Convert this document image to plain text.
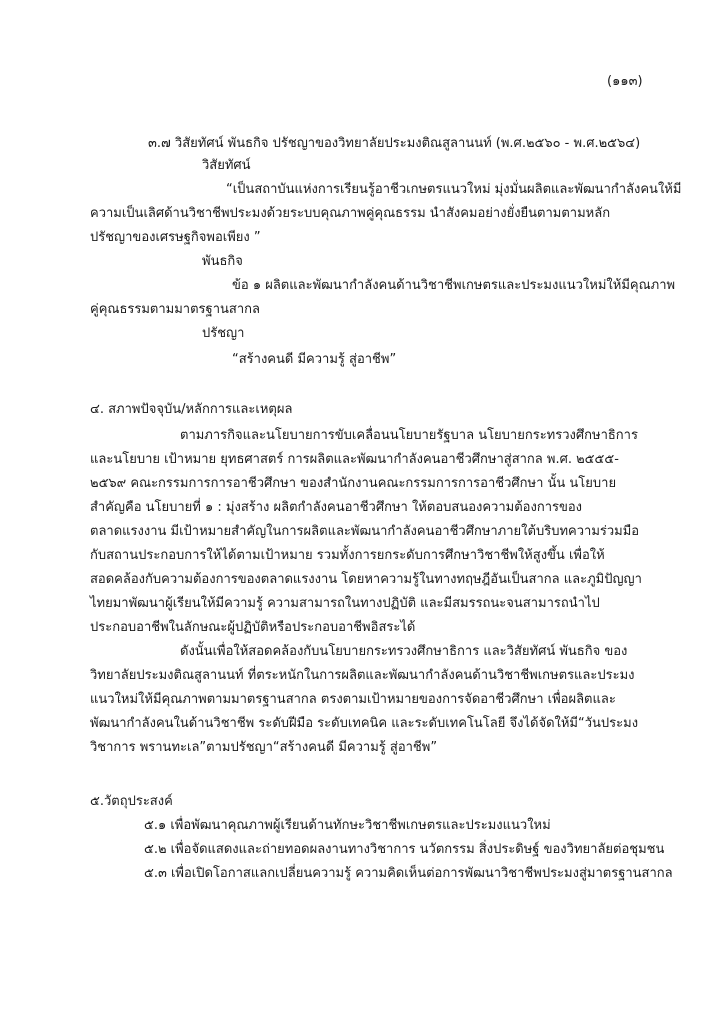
(๑๑๓)
๓.๗ วิสัยทัศน์ พันธกิจ ปรัชญาของวิทยาลัยประมงติณสูลานนท์ (พ.ศ.๒๕๖๐ - พ.ศ.๒๕๖๔)
วิสัยทัศน์
“เป็นสถาบันแห่งการเรียนรู้อาชีวเกษตรแนวใหม่ มุ่งมั่นผลิตและพัฒนากำลังคนให้มี
ความเป็นเลิศด้านวิชาชีพประมงด้วยระบบคุณภาพคู่คุณธรรม นำสังคมอย่างยั่งยืนตามตามหลัก
ปรัชญาของเศรษฐกิจพอเพียง ”
พันธกิจ
ข้อ ๑ ผลิตและพัฒนากำลังคนด้านวิชาชีพเกษตรและประมงแนวใหม่ให้มีคุณภาพ
คู่คุณธรรมตามมาตรฐานสากล
ปรัชญา
“สร้างคนดี มีความรู้ สู่อาชีพ”
๔. สภาพปัจจุบัน/หลักการและเหตุผล
ตามภารกิจและนโยบายการขับเคลื่อนนโยบายรัฐบาล นโยบายกระทรวงศึกษาธิการ
และนโยบาย เป้าหมาย ยุทธศาสตร์ การผลิตและพัฒนากำลังคนอาชีวศึกษาสู่สากล พ.ศ. ๒๕๕๕-
๒๕๖๙ คณะกรรมการการอาชีวศึกษา ของสำนักงานคณะกรรมการการอาชีวศึกษา นั้น นโยบาย
สำคัญคือ นโยบายที่ ๑ : มุ่งสร้าง ผลิตกำลังคนอาชีวศึกษา ให้ตอบสนองความต้องการของ
ตลาดแรงงาน มีเป้าหมายสำคัญในการผลิตและพัฒนากำลังคนอาชีวศึกษาภายใต้บริบทความร่วมมือ
กับสถานประกอบการให้ได้ตามเป้าหมาย รวมทั้งการยกระดับการศึกษาวิชาชีพให้สูงขึ้น เพื่อให้
สอดคล้องกับความต้องการของตลาดแรงงาน โดยหาความรู้ในทางทฤษฎีอันเป็นสากล และภูมิปัญญา
ไทยมาพัฒนาผู้เรียนให้มีความรู้ ความสามารถในทางปฏิบัติ และมีสมรรถนะจนสามารถนำไป
ประกอบอาชีพในลักษณะผู้ปฏิบัติหรือประกอบอาชีพอิสระได้
ดังนั้นเพื่อให้สอดคล้องกับนโยบายกระทรวงศึกษาธิการ และวิสัยทัศน์ พันธกิจ ของ
วิทยาลัยประมงติณสูลานนท์ ที่ตระหนักในการผลิตและพัฒนากำลังคนด้านวิชาชีพเกษตรและประมง
แนวใหม่ให้มีคุณภาพตามมาตรฐานสากล ตรงตามเป้าหมายของการจัดอาชีวศึกษา เพื่อผลิตและ
พัฒนากำลังคนในด้านวิชาชีพ ระดับฝีมือ ระดับเทคนิค และระดับเทคโนโลยี จึงได้จัดให้มี“วันประมง
วิชาการ พรานทะเล”ตามปรัชญา“สร้างคนดี มีความรู้ สู่อาชีพ”
๕.วัตถุประสงค์
๕.๑ เพื่อพัฒนาคุณภาพผู้เรียนด้านทักษะวิชาชีพเกษตรและประมงแนวใหม่
๕.๒ เพื่อจัดแสดงและถ่ายทอดผลงานทางวิชาการ นวัตกรรม สิ่งประดิษฐ์ ของวิทยาลัยต่อชุมชน
๕.๓ เพื่อเปิดโอกาสแลกเปลี่ยนความรู้ ความคิดเห็นต่อการพัฒนาวิชาชีพประมงสู่มาตรฐานสากล
